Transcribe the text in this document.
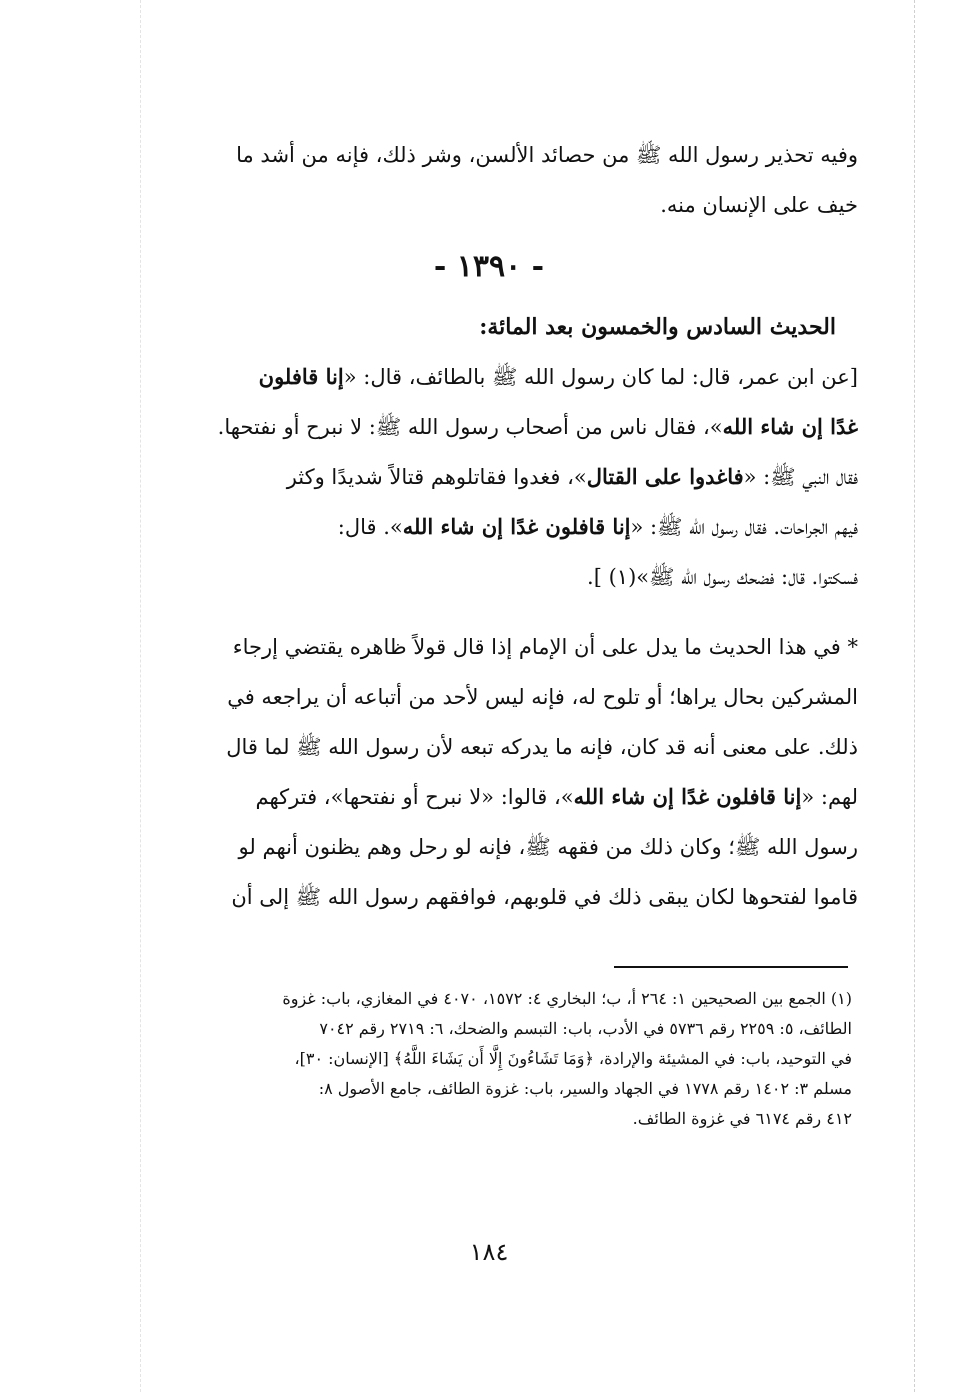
وفيه تحذير رسول الله ﷺ من حصائد الألسن، وشر ذلك، فإنه من أشد ما
خيف على الإنسان منه.
- ١٣٩٠ -
الحديث السادس والخمسون بعد المائة:
[عن ابن عمر، قال: لما كان رسول الله ﷺ بالطائف، قال: «إنا قافلون
غدًا إن شاء الله»، فقال ناس من أصحاب رسول الله ﷺ: لا نبرح أو نفتحها.
فقال النبي ﷺ: «فاغدوا على القتال»، فغدوا فقاتلوهم قتالاً شديدًا وكثر
فيهم الجراحات. فقال رسول الله ﷺ: «إنا قافلون غدًا إن شاء الله». قال:
فسكتوا. قال: فضحك رسول الله ﷺ»(١) ].
* في هذا الحديث ما يدل على أن الإمام إذا قال قولاً ظاهره يقتضي إرجاء
المشركين بحال يراها؛ أو تلوح له، فإنه ليس لأحد من أتباعه أن يراجعه في
ذلك. على معنى أنه قد كان، فإنه ما يدركه تبعه لأن رسول الله ﷺ لما قال
لهم: «إنا قافلون غدًا إن شاء الله»، قالوا: «لا نبرح أو نفتحها»، فتركهم
رسول الله ﷺ؛ وكان ذلك من فقهه ﷺ، فإنه لو رحل وهم يظنون أنهم لو
قاموا لفتحوها لكان يبقى ذلك في قلوبهم، فوافقهم رسول الله ﷺ إلى أن
(١) الجمع بين الصحيحين ١: ٢٦٤ أ، ب؛ البخاري ٤: ١٥٧٢، ٤٠٧٠ في المغازي، باب: غزوة
الطائف، ٥: ٢٢٥٩ رقم ٥٧٣٦ في الأدب، باب: التبسم والضحك، ٦: ٢٧١٩ رقم ٧٠٤٢
في التوحيد، باب: في المشيئة والإرادة، ﴿وَمَا تَشَاءُونَ إِلَّا أَن يَشَاءَ اللَّهُ﴾ [الإنسان: ٣٠]،
مسلم ٣: ١٤٠٢ رقم ١٧٧٨ في الجهاد والسير، باب: غزوة الطائف، جامع الأصول ٨:
٤١٢ رقم ٦١٧٤ في غزوة الطائف.
١٨٤
